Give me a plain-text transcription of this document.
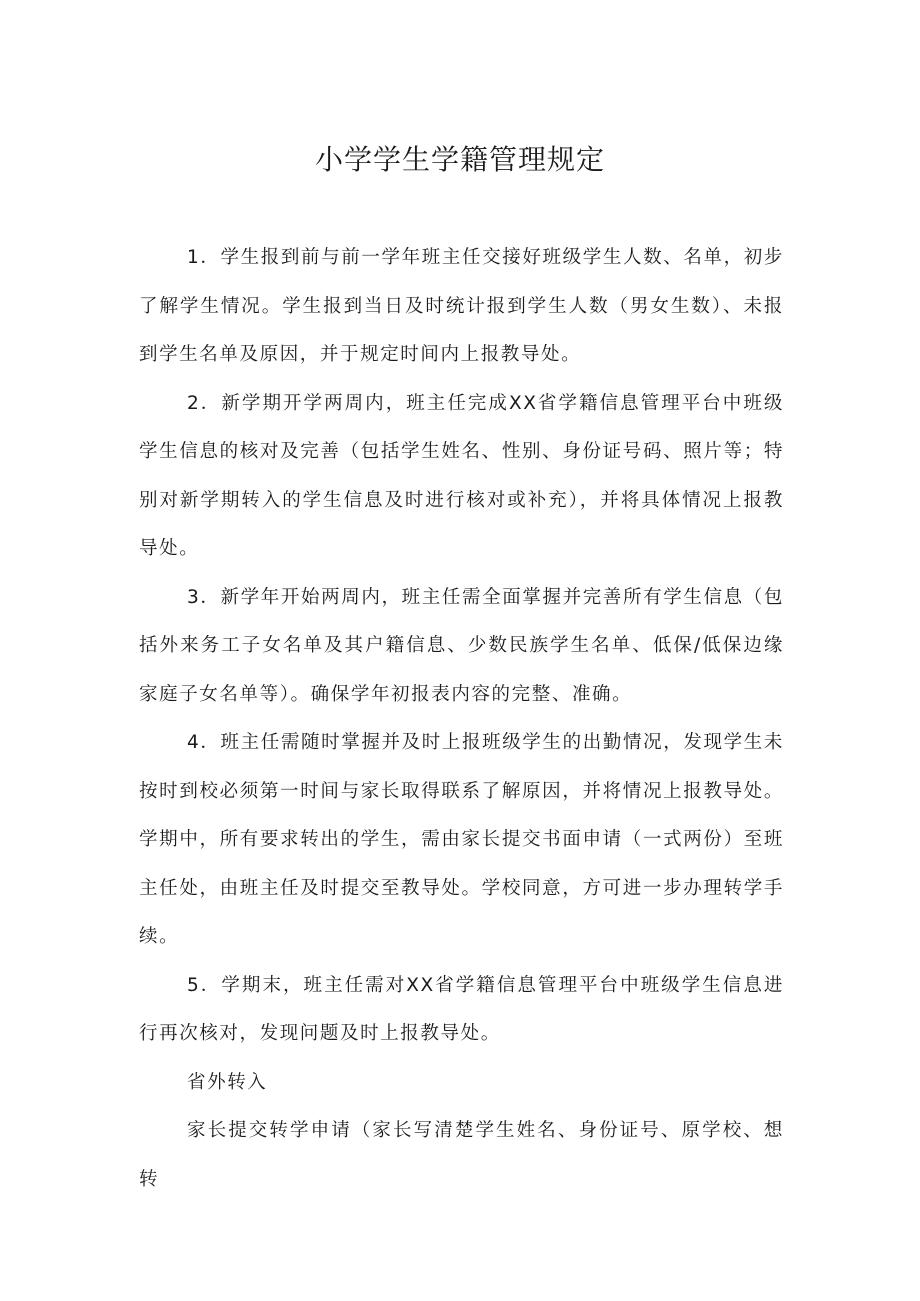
小学学生学籍管理规定

1．学生报到前与前一学年班主任交接好班级学生人数、名单，初步了解学生情况。学生报到当日及时统计报到学生人数（男女生数）、未报到学生名单及原因，并于规定时间内上报教导处。

2．新学期开学两周内，班主任完成XX省学籍信息管理平台中班级学生信息的核对及完善（包括学生姓名、性别、身份证号码、照片等；特别对新学期转入的学生信息及时进行核对或补充），并将具体情况上报教导处。

3．新学年开始两周内，班主任需全面掌握并完善所有学生信息（包括外来务工子女名单及其户籍信息、少数民族学生名单、低保/低保边缘家庭子女名单等）。确保学年初报表内容的完整、准确。

4．班主任需随时掌握并及时上报班级学生的出勤情况，发现学生未按时到校必须第一时间与家长取得联系了解原因，并将情况上报教导处。学期中，所有要求转出的学生，需由家长提交书面申请（一式两份）至班主任处，由班主任及时提交至教导处。学校同意，方可进一步办理转学手续。

5．学期末，班主任需对XX省学籍信息管理平台中班级学生信息进行再次核对，发现问题及时上报教导处。

省外转入

家长提交转学申请（家长写清楚学生姓名、身份证号、原学校、想转
